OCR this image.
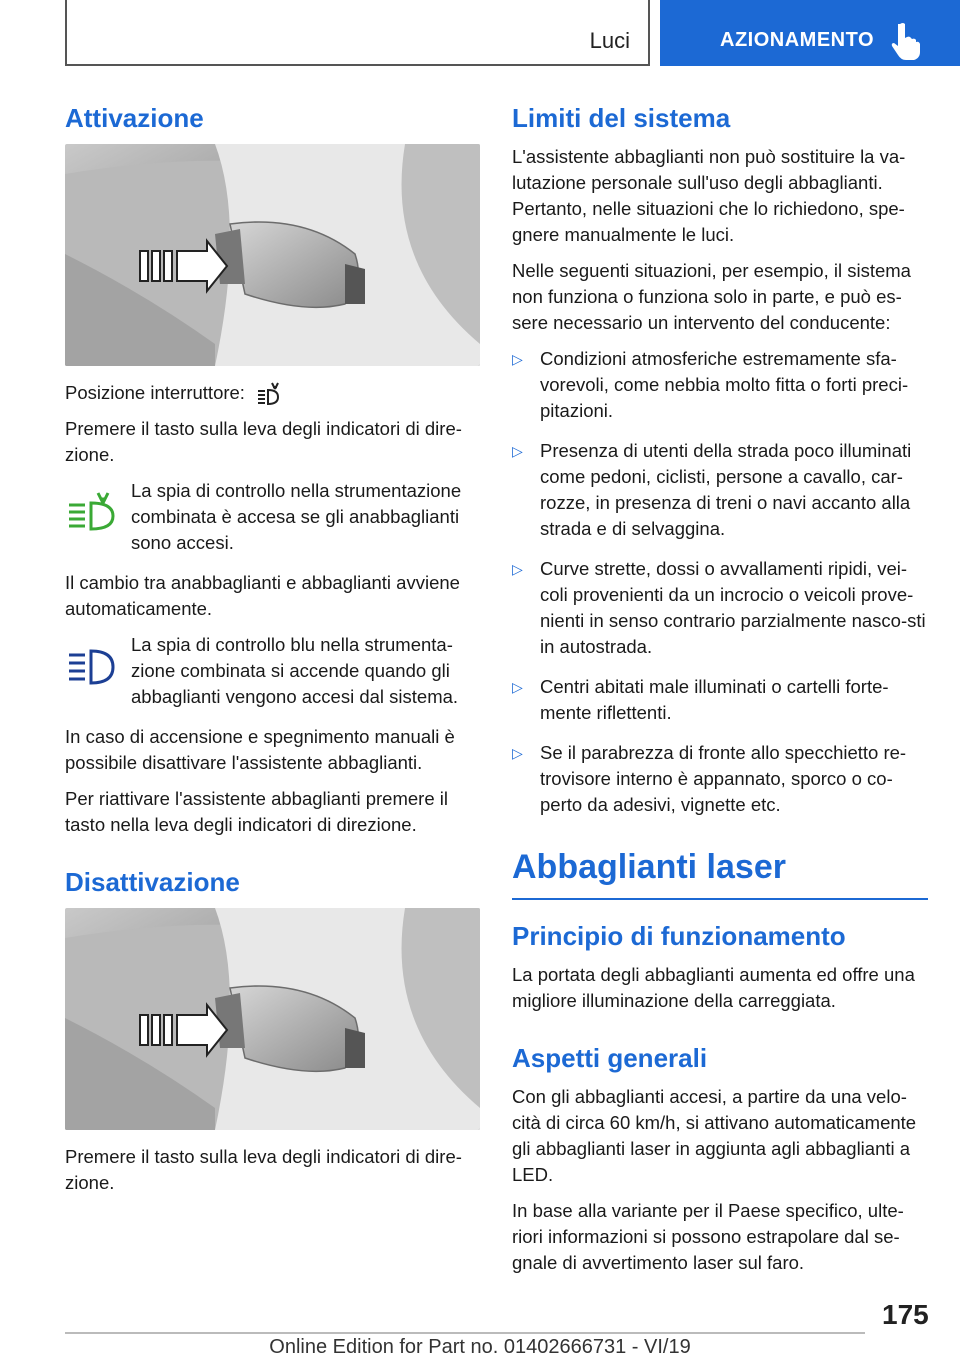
Luci	AZIONAMENTO
Attivazione

Posizione interruttore:

Premere il tasto sulla leva degli indicatori di dire-zione.

La spia di controllo nella strumentazione combinata è accesa se gli anabbaglianti sono accesi.

Il cambio tra anabbaglianti e abbaglianti avviene automaticamente.

La spia di controllo blu nella strumenta-zione combinata si accende quando gli abbaglianti vengono accesi dal sistema.

In caso di accensione e spegnimento manuali è possibile disattivare l'assistente abbaglianti.

Per riattivare l'assistente abbaglianti premere il tasto nella leva degli indicatori di direzione.

Disattivazione

Premere il tasto sulla leva degli indicatori di dire-zione.

Limiti del sistema

L'assistente abbaglianti non può sostituire la va-lutazione personale sull'uso degli abbaglianti. Pertanto, nelle situazioni che lo richiedono, spe-gnere manualmente le luci.

Nelle seguenti situazioni, per esempio, il sistema non funziona o funziona solo in parte, e può es-sere necessario un intervento del conducente:

▷ Condizioni atmosferiche estremamente sfa-vorevoli, come nebbia molto fitta o forti preci-pitazioni.
▷ Presenza di utenti della strada poco illuminati come pedoni, ciclisti, persone a cavallo, car-rozze, in presenza di treni o navi accanto alla strada e di selvaggina.
▷ Curve strette, dossi o avvallamenti ripidi, vei-coli provenienti da un incrocio o veicoli prove-nienti in senso contrario parzialmente nasco-sti in autostrada.
▷ Centri abitati male illuminati o cartelli forte-mente riflettenti.
▷ Se il parabrezza di fronte allo specchietto re-trovisore interno è appannato, sporco o co-perto da adesivi, vignette etc.
Abbaglianti laser
Principio di funzionamento

La portata degli abbaglianti aumenta ed offre una migliore illuminazione della carreggiata.

Aspetti generali

Con gli abbaglianti accesi, a partire da una velo-cità di circa 60 km/h, si attivano automaticamente gli abbaglianti laser in aggiunta agli abbaglianti a LED.

In base alla variante per il Paese specifico, ulte-riori informazioni si possono estrapolare dal se-gnale di avvertimento laser sul faro.

175
Online Edition for Part no. 01402666731 - VI/19
